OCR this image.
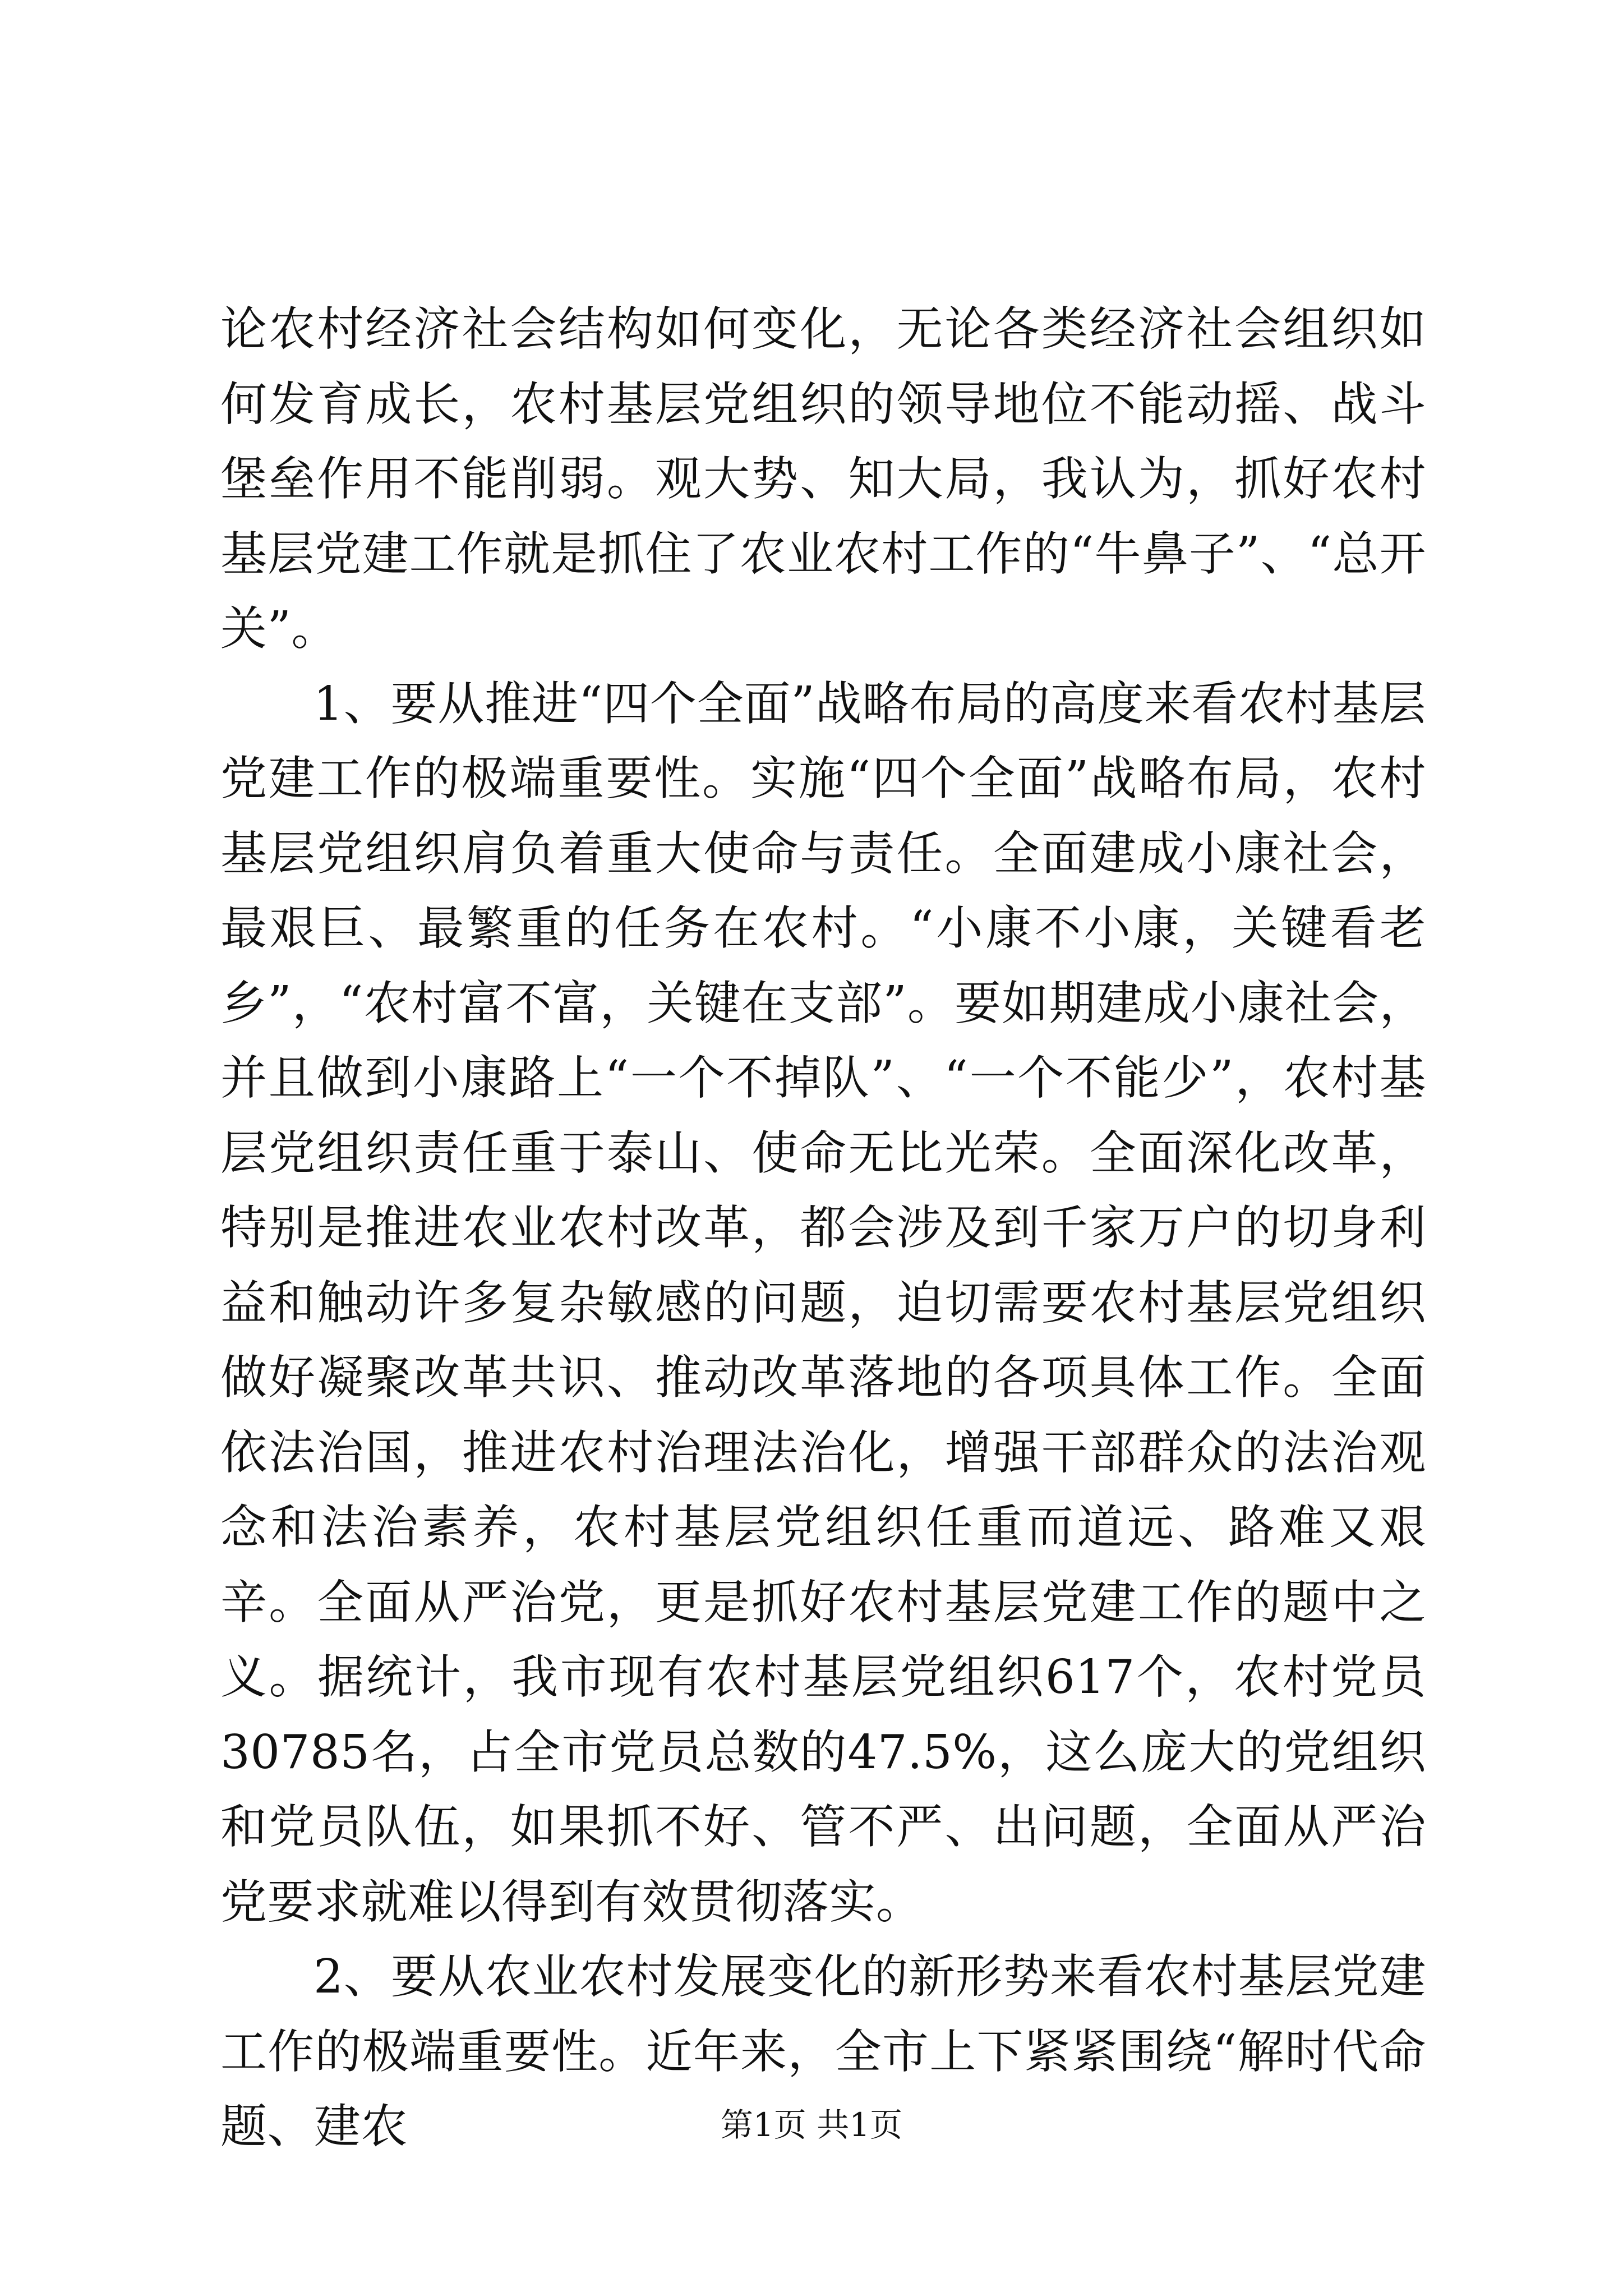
论农村经济社会结构如何变化，无论各类经济社会组织如何发育成长，农村基层党组织的领导地位不能动摇、战斗堡垒作用不能削弱。观大势、知大局，我认为，抓好农村基层党建工作就是抓住了农业农村工作的“牛鼻子”、“总开关”。

1、要从推进“四个全面”战略布局的高度来看农村基层党建工作的极端重要性。实施“四个全面”战略布局，农村基层党组织肩负着重大使命与责任。全面建成小康社会，最艰巨、最繁重的任务在农村。“小康不小康，关键看老乡”，“农村富不富，关键在支部”。要如期建成小康社会，并且做到小康路上“一个不掉队”、“一个不能少”，农村基层党组织责任重于泰山、使命无比光荣。全面深化改革，特别是推进农业农村改革，都会涉及到千家万户的切身利益和触动许多复杂敏感的问题，迫切需要农村基层党组织做好凝聚改革共识、推动改革落地的各项具体工作。全面依法治国，推进农村治理法治化，增强干部群众的法治观念和法治素养，农村基层党组织任重而道远、路难又艰辛。全面从严治党，更是抓好农村基层党建工作的题中之义。据统计，我市现有农村基层党组织617个，农村党员30785名，占全市党员总数的47.5%，这么庞大的党组织和党员队伍，如果抓不好、管不严、出问题，全面从严治党要求就难以得到有效贯彻落实。

2、要从农业农村发展变化的新形势来看农村基层党建工作的极端重要性。近年来，全市上下紧紧围绕“解时代命题、建农	第1页 共1页
